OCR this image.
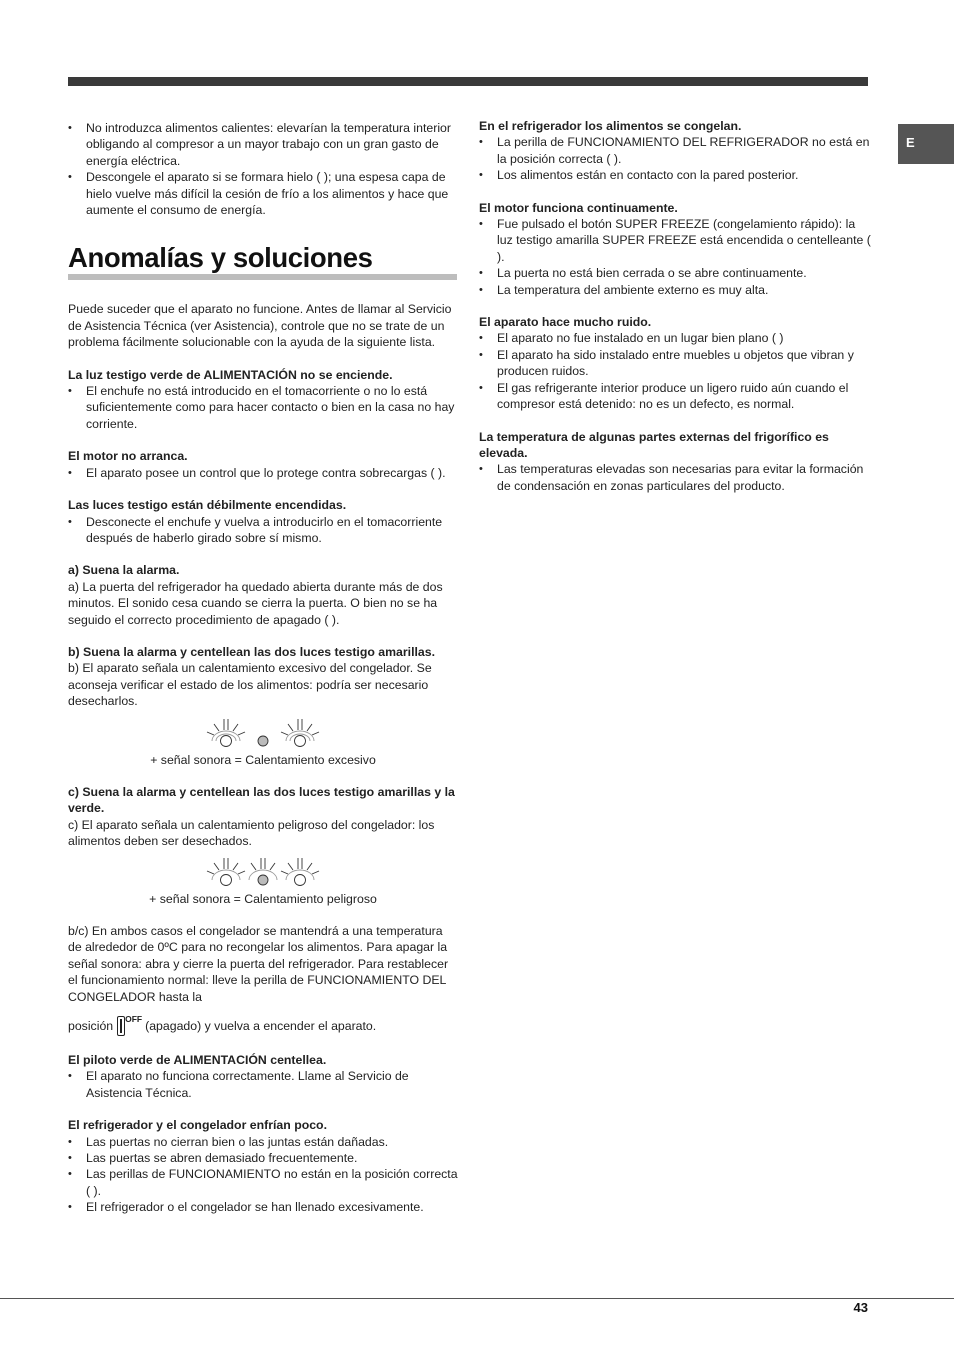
E
• No introduzca alimentos calientes: elevarían la temperatura interior obligando al compresor a un mayor trabajo con un gran gasto de energía eléctrica.
• Descongele el aparato si se formara hielo ( ); una espesa capa de hielo vuelve más difícil la cesión de frío a los alimentos y hace que aumente el consumo de energía.
Anomalías y soluciones

Puede suceder que el aparato no funcione. Antes de llamar al Servicio de Asistencia Técnica (ver Asistencia), controle que no se trate de un problema fácilmente solucionable con la ayuda de la siguiente lista.

La luz testigo verde de ALIMENTACIÓN no se enciende.

• El enchufe no está introducido en el tomacorriente o no lo está suficientemente como para hacer contacto o bien en la casa no hay corriente.

El motor no arranca.

• El aparato posee un control que lo protege contra sobrecargas ( ).

Las luces testigo están débilmente encendidas.

• Desconecte el enchufe y vuelva a introducirlo en el tomacorriente después de haberlo girado sobre sí mismo.

a) Suena la alarma.

a) La puerta del refrigerador ha quedado abierta durante más de dos minutos. El sonido cesa cuando se cierra la puerta. O bien no se ha seguido el correcto procedimiento de apagado ( ).

b) Suena la alarma y centellean las dos luces testigo amarillas.

b) El aparato señala un calentamiento excesivo del congelador. Se aconseja verificar el estado de los alimentos: podría ser necesario desecharlos.

+ señal sonora = Calentamiento excesivo

c) Suena la alarma y centellean las dos luces testigo amarillas y la verde.

c) El aparato señala un calentamiento peligroso del congelador: los alimentos deben ser desechados.

+ señal sonora = Calentamiento peligroso

b/c) En ambos casos el congelador se mantendrá a una temperatura de alrededor de 0ºC para no recongelar los alimentos. Para apagar la señal sonora: abra y cierre la puerta del refrigerador. Para restablecer el funcionamiento normal: lleve la perilla de FUNCIONAMIENTO DEL CONGELADOR hasta la

posición $^{OFF}$ (apagado) y vuelva a encender el aparato.

El piloto verde de ALIMENTACIÓN centellea.

• El aparato no funciona correctamente. Llame al Servicio de Asistencia Técnica.

El refrigerador y el congelador enfrían poco.

• Las puertas no cierran bien o las juntas están dañadas.
• Las puertas se abren demasiado frecuentemente.
• Las perillas de FUNCIONAMIENTO no están en la posición correcta ( ).
• El refrigerador o el congelador se han llenado excesivamente.

En el refrigerador los alimentos se congelan.

• La perilla de FUNCIONAMIENTO DEL REFRIGERADOR no está en la posición correcta ( ).
• Los alimentos están en contacto con la pared posterior.

El motor funciona continuamente.

• Fue pulsado el botón SUPER FREEZE (congelamiento rápido): la luz testigo amarilla SUPER FREEZE está encendida o centelleante ( ).
• La puerta no está bien cerrada o se abre continuamente.
• La temperatura del ambiente externo es muy alta.

El aparato hace mucho ruido.

• El aparato no fue instalado en un lugar bien plano ( )
• El aparato ha sido instalado entre muebles u objetos que vibran y producen ruidos.
• El gas refrigerante interior produce un ligero ruido aún cuando el compresor está detenido: no es un defecto, es normal.

La temperatura de algunas partes externas del frigorífico es elevada.

• Las temperaturas elevadas son necesarias para evitar la formación de condensación en zonas particulares del producto.
43
